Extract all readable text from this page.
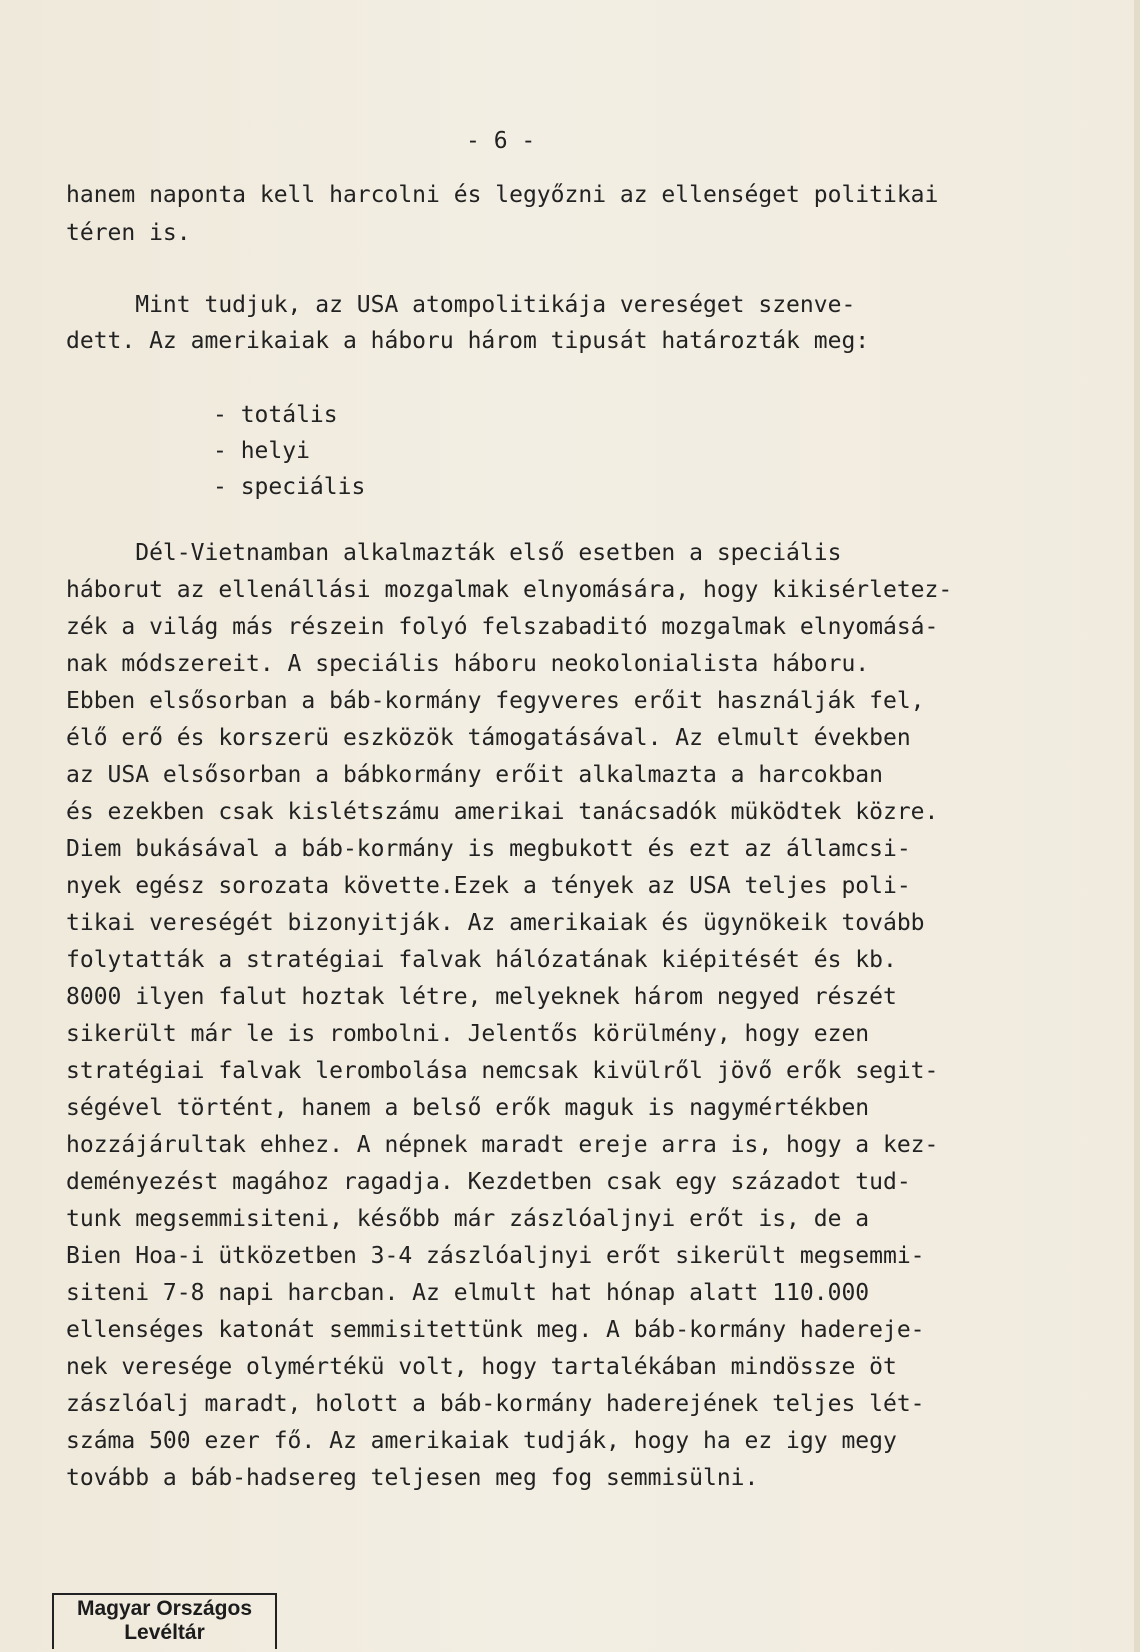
- 6 -
hanem naponta kell harcolni és legyőzni az ellenséget politikai
téren is.
Mint tudjuk, az USA atompolitikája vereséget szenve-
dett. Az amerikaiak a háboru három tipusát határozták meg:
- totális
- helyi
- speciális
Dél-Vietnamban alkalmazták első esetben a speciális
háborut az ellenállási mozgalmak elnyomására, hogy kikisérletez-
zék a világ más részein folyó felszabaditó mozgalmak elnyomásá-
nak módszereit. A speciális háboru neokolonialista háboru.
Ebben elsősorban a báb-kormány fegyveres erőit használják fel,
élő erő és korszerü eszközök támogatásával. Az elmult években
az USA elsősorban a bábkormány erőit alkalmazta a harcokban
és ezekben csak kislétszámu amerikai tanácsadók müködtek közre.
Diem bukásával a báb-kormány is megbukott és ezt az államcsi-
nyek egész sorozata követte.Ezek a tények az USA teljes poli-
tikai vereségét bizonyitják. Az amerikaiak és ügynökeik tovább
folytatták a stratégiai falvak hálózatának kiépitését és kb.
8000 ilyen falut hoztak létre, melyeknek három negyed részét
sikerült már le is rombolni. Jelentős körülmény, hogy ezen
stratégiai falvak lerombolása nemcsak kivülről jövő erők segit-
ségével történt, hanem a belső erők maguk is nagymértékben
hozzájárultak ehhez. A népnek maradt ereje arra is, hogy a kez-
deményezést magához ragadja. Kezdetben csak egy századot tud-
tunk megsemmisiteni, később már zászlóaljnyi erőt is, de a
Bien Hoa-i ütközetben 3-4 zászlóaljnyi erőt sikerült megsemmi-
siteni 7-8 napi harcban. Az elmult hat hónap alatt 110.000
ellenséges katonát semmisitettünk meg. A báb-kormány hadereje-
nek veresége olymértékü volt, hogy tartalékában mindössze öt
zászlóalj maradt, holott a báb-kormány haderejének teljes lét-
száma 500 ezer fő. Az amerikaiak tudják, hogy ha ez igy megy
tovább a báb-hadsereg teljesen meg fog semmisülni.
Magyar Országos
Levéltár
